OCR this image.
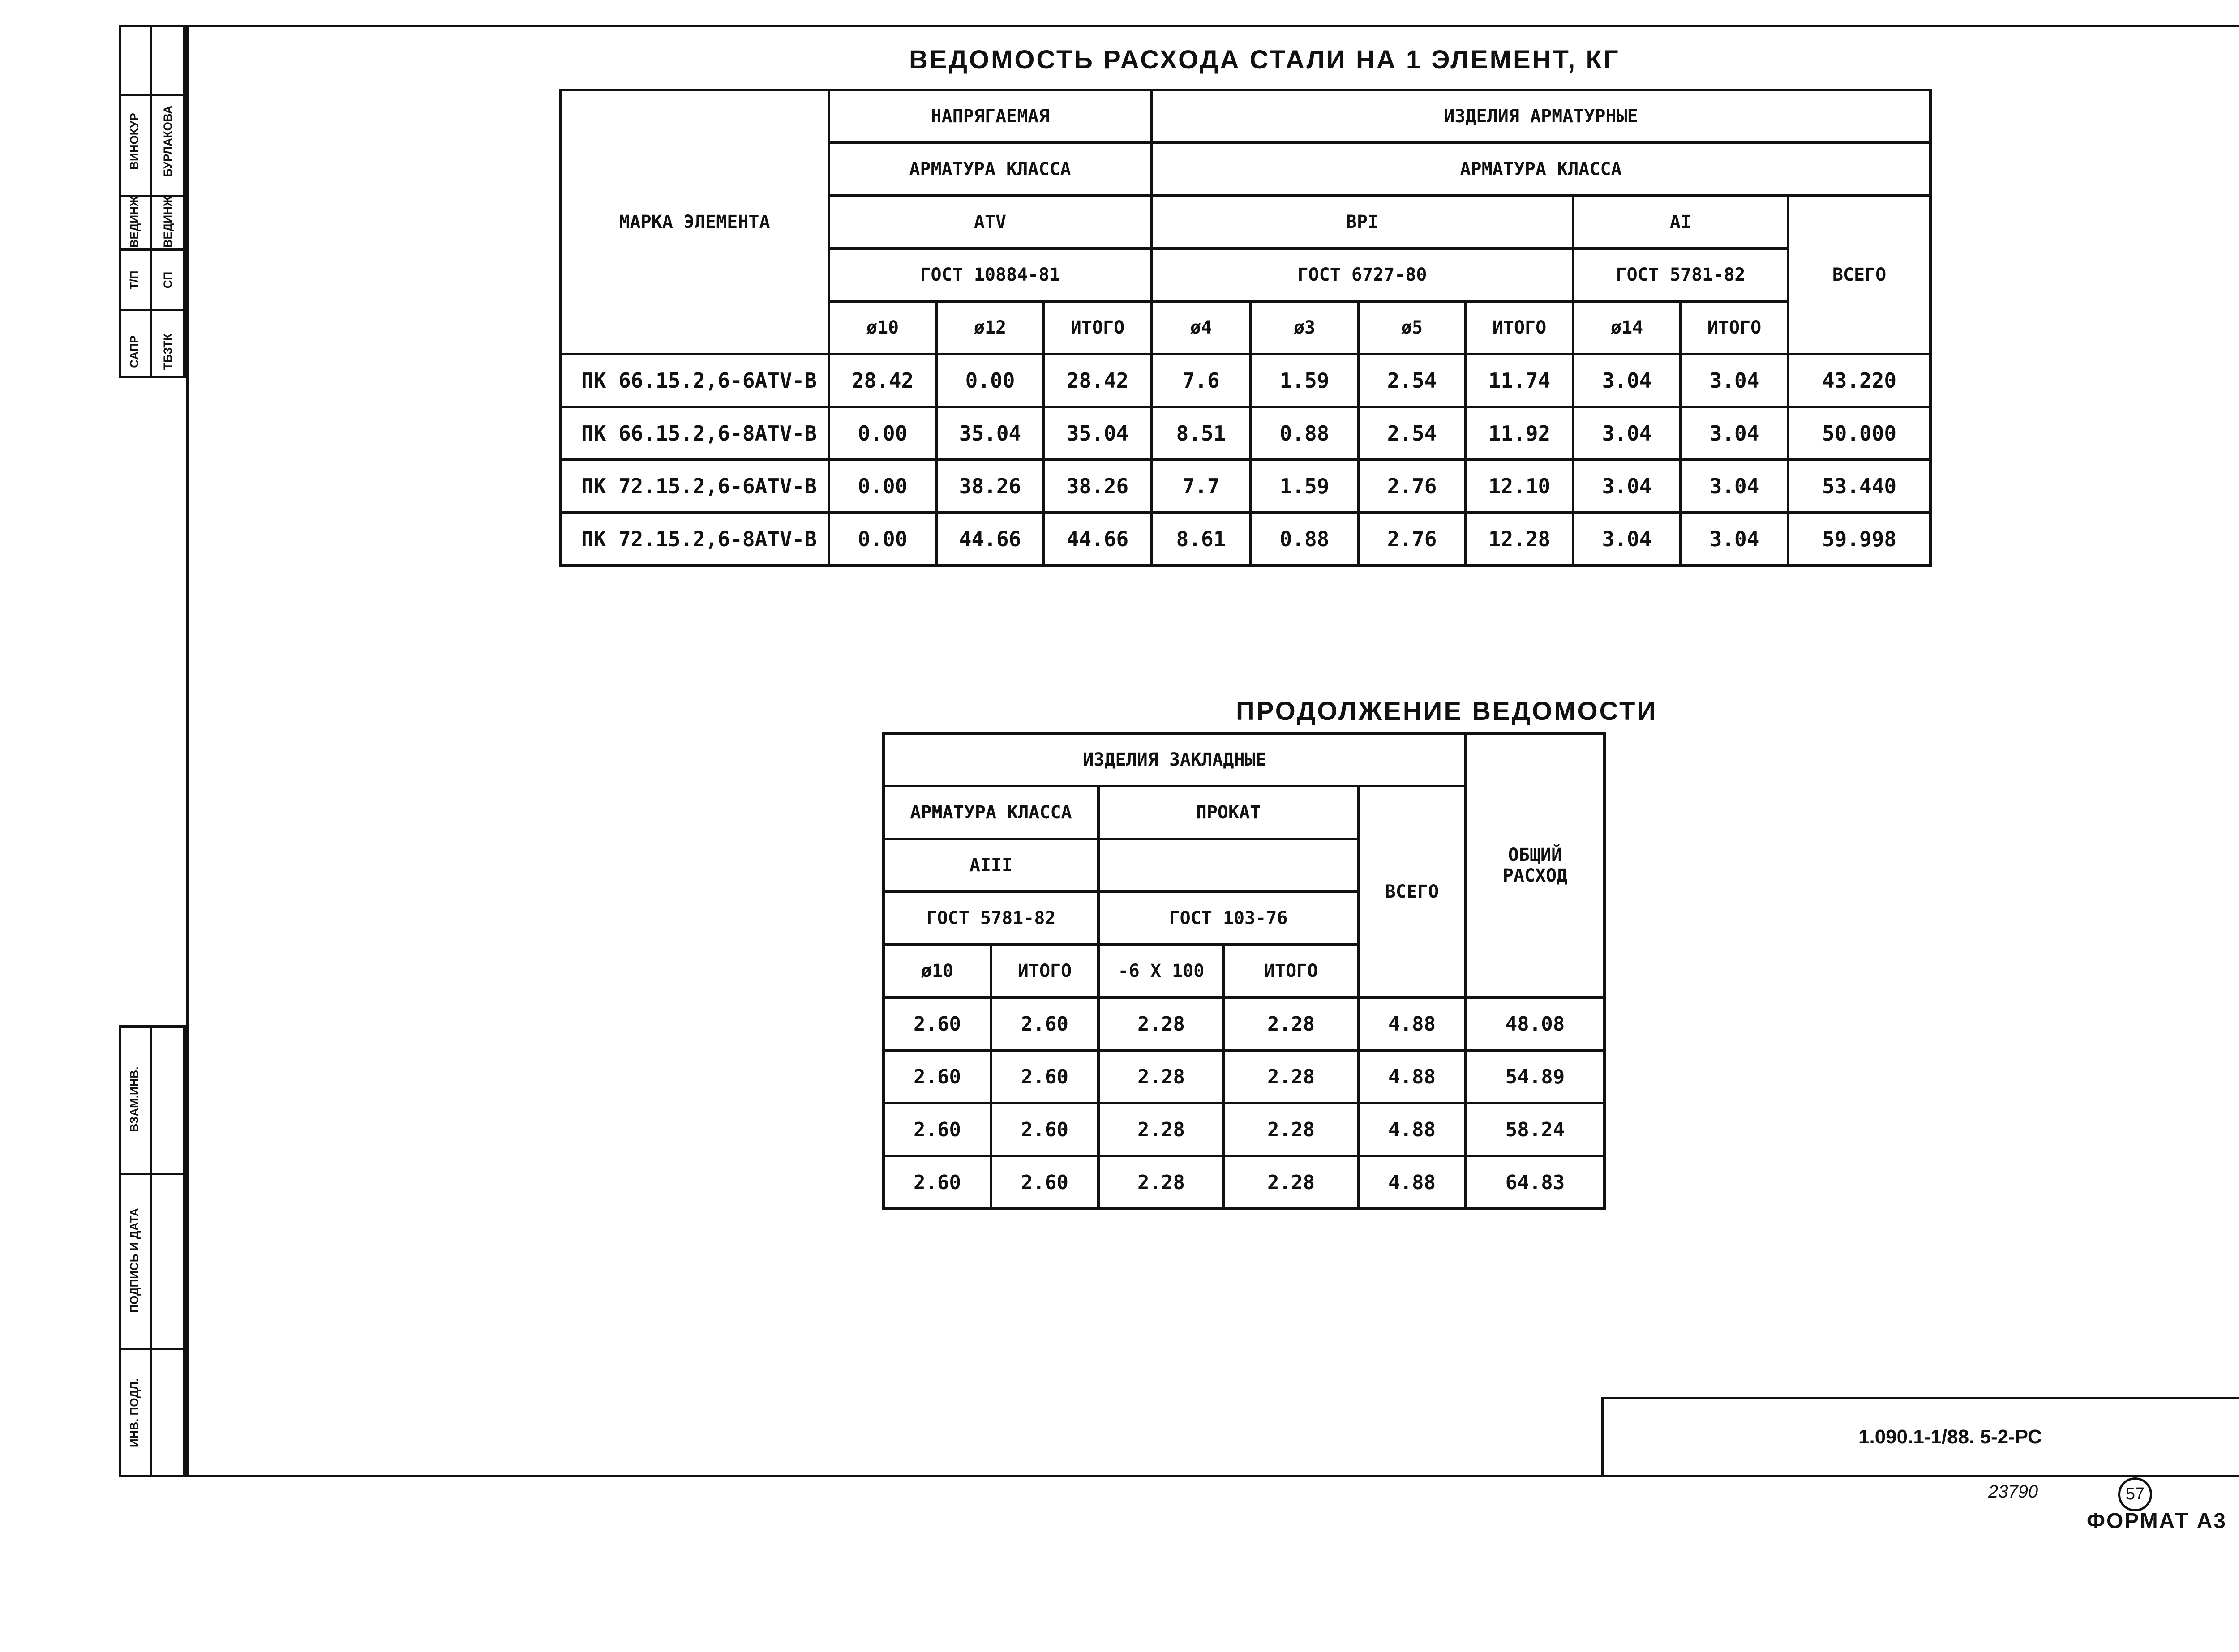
САПР
Т/П
ВЕДИНЖ
ВИНОКУР
ТБЗТК
СП
ВЕДИНЖ
БУРЛАКОВА
ВЗАМ.ИНВ.
ПОДПИСЬ И ДАТА
ИНВ. ПОДЛ.
ВЕДОМОСТЬ РАСХОДА СТАЛИ НА 1 ЭЛЕМЕНТ, КГ
МАРКА ЭЛЕМЕНТА	НАПРЯГАЕМАЯ			ИЗДЕЛИЯ АРМАТУРНЫЕ						
	АРМАТУРА КЛАССА			АРМАТУРА КЛАССА						
	АТV			ВРI				АI		ВСЕГО
	ГОСТ 10884-81			ГОСТ 6727-80				ГОСТ 5781-82		
	ø10	ø12	ИТОГО	ø4	ø3	ø5	ИТОГО	ø14	ИТОГО	
ПК 66.15.2,6-6АТV-В	28.42	0.00	28.42	7.6	1.59	2.54	11.74	3.04	3.04	43.220
ПК 66.15.2,6-8АТV-В	0.00	35.04	35.04	8.51	0.88	2.54	11.92	3.04	3.04	50.000
ПК 72.15.2,6-6АТV-В	0.00	38.26	38.26	7.7	1.59	2.76	12.10	3.04	3.04	53.440
ПК 72.15.2,6-8АТV-В	0.00	44.66	44.66	8.61	0.88	2.76	12.28	3.04	3.04	59.998
ПРОДОЛЖЕНИЕ ВЕДОМОСТИ
ИЗДЕЛИЯ ЗАКЛАДНЫЕ					ОБЩИЙ
РАСХОД
АРМАТУРА КЛАССА		ПРОКАТ		ВСЕГО	
АIII					
ГОСТ 5781-82		ГОСТ 103-76			
ø10	ИТОГО	-6 Х 100	ИТОГО		
2.60	2.60	2.28	2.28	4.88	48.08
2.60	2.60	2.28	2.28	4.88	54.89
2.60	2.60	2.28	2.28	4.88	58.24
2.60	2.60	2.28	2.28	4.88	64.83
1.090.1-1/88. 5-2-РС
23790	57
ФОРМАТ А3
